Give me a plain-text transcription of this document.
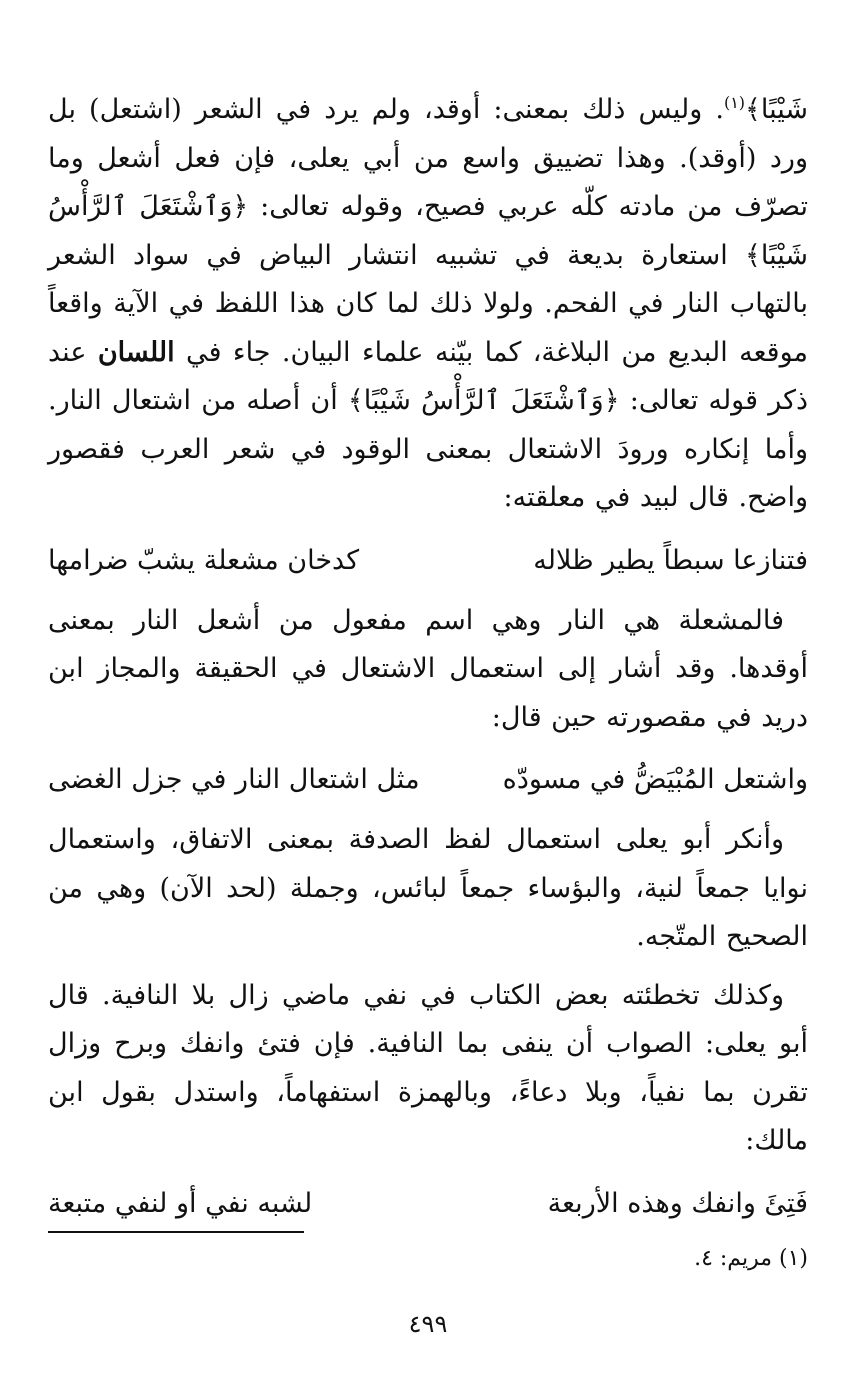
شَيْبًا﴾$^{(١)}$. وليس ذلك بمعنى: أوقد، ولم يرد في الشعر (اشتعل) بل ورد (أوقد). وهذا تضييق واسع من أبي يعلى، فإن فعل أشعل وما تصرّف من مادته كلّه عربي فصيح، وقوله تعالى: ﴿وَٱشْتَعَلَ ٱلرَّأْسُ شَيْبًا﴾ استعارة بديعة في تشبيه انتشار البياض في سواد الشعر بالتهاب النار في الفحم. ولولا ذلك لما كان هذا اللفظ في الآية واقعاً موقعه البديع من البلاغة، كما بيّنه علماء البيان. جاء في اللسان عند ذكر قوله تعالى: ﴿وَٱشْتَعَلَ ٱلرَّأْسُ شَيْبًا﴾ أن أصله من اشتعال النار. وأما إنكاره ورودَ الاشتعال بمعنى الوقود في شعر العرب فقصور واضح. قال لبيد في معلقته:

فتنازعا سبطاً يطير ظلاله
كدخان مشعلة يشبّ ضرامها

فالمشعلة هي النار وهي اسم مفعول من أشعل النار بمعنى أوقدها. وقد أشار إلى استعمال الاشتعال في الحقيقة والمجاز ابن دريد في مقصورته حين قال:

واشتعل المُبْيَضُّ في مسودّه
مثل اشتعال النار في جزل الغضى

وأنكر أبو يعلى استعمال لفظ الصدفة بمعنى الاتفاق، واستعمال نوايا جمعاً لنية، والبؤساء جمعاً لبائس، وجملة (لحد الآن) وهي من الصحيح المتّجه.

وكذلك تخطئته بعض الكتاب في نفي ماضي زال بلا النافية. قال أبو يعلى: الصواب أن ينفى بما النافية. فإن فتئ وانفك وبرح وزال تقرن بما نفياً، وبلا دعاءً، وبالهمزة استفهاماً، واستدل بقول ابن مالك:

فَتِئَ وانفك وهذه الأربعة
لشبه نفي أو لنفي متبعة
(١) مريم: ٤.
٤٩٩
